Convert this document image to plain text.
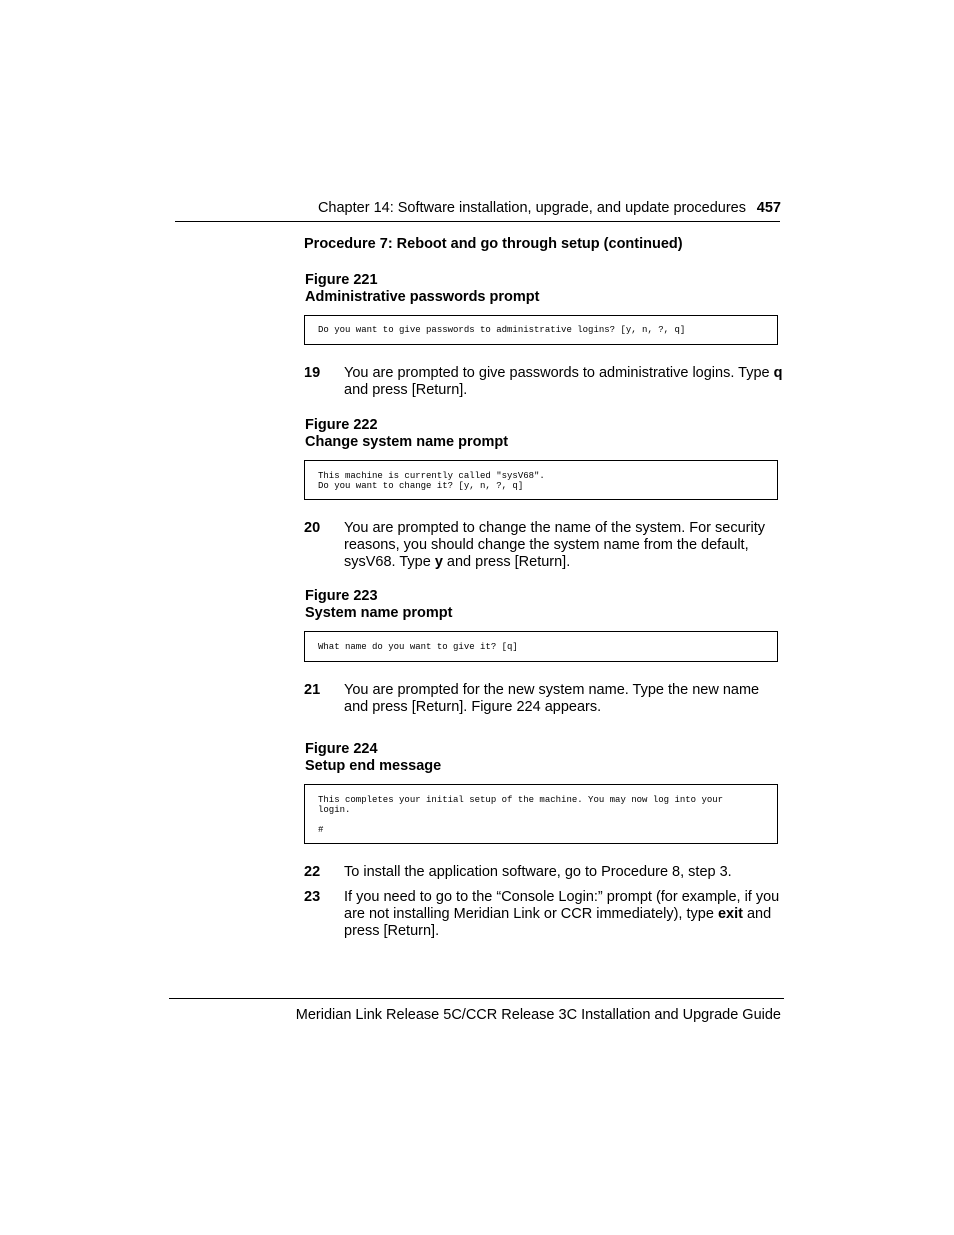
Chapter 14: Software installation, upgrade, and update procedures 457
Procedure 7: Reboot and go through setup (continued)
Figure 221
Administrative passwords prompt
Do you want to give passwords to administrative logins? [y, n, ?, q]
19 You are prompted to give passwords to administrative logins. Type q and press [Return].
Figure 222
Change system name prompt
This machine is currently called "sysV68".
Do you want to change it? [y, n, ?, q]
20 You are prompted to change the name of the system. For security reasons, you should change the system name from the default, sysV68. Type y and press [Return].
Figure 223
System name prompt
What name do you want to give it? [q]
21 You are prompted for the new system name. Type the new name and press [Return]. Figure 224 appears.
Figure 224
Setup end message
This completes your initial setup of the machine. You may now log into your
login.

#
22 To install the application software, go to Procedure 8, step 3.
23 If you need to go to the “Console Login:” prompt (for example, if you are not installing Meridian Link or CCR immediately), type exit and press [Return].
Meridian Link Release 5C/CCR Release 3C Installation and Upgrade Guide
